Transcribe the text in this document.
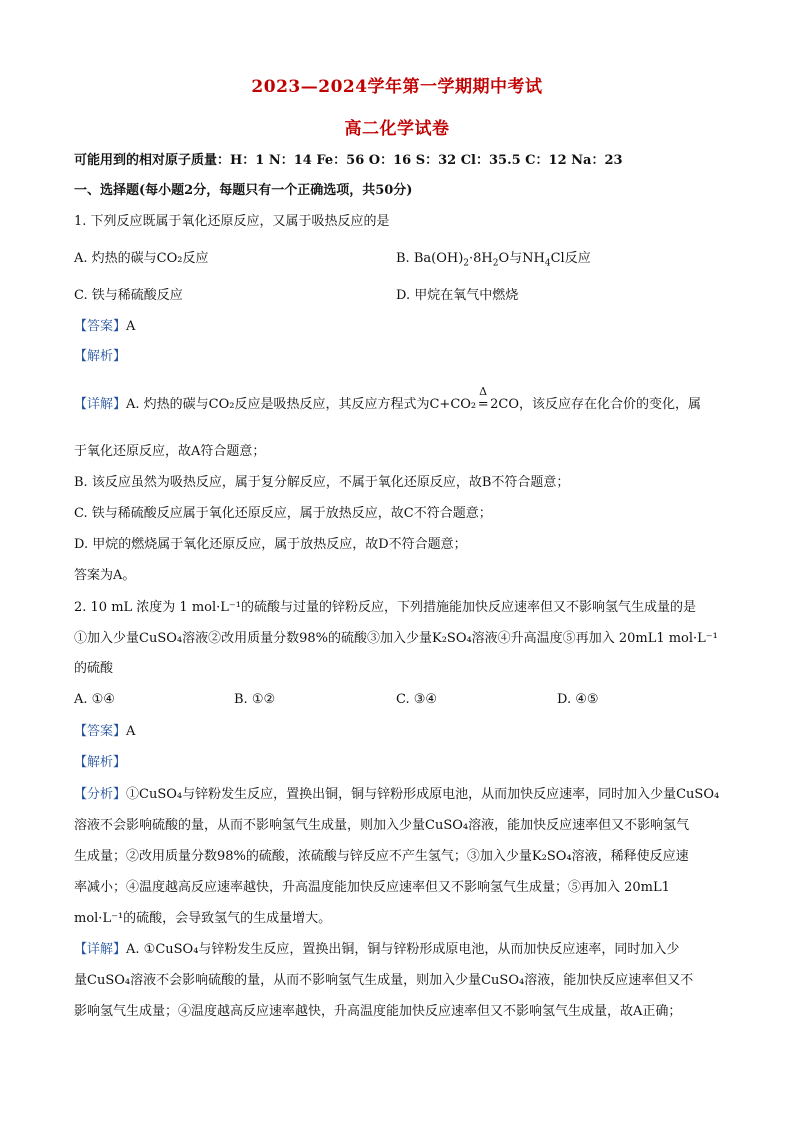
2023—2024学年第一学期期中考试
高二化学试卷
可能用到的相对原子质量：H：1 N：14 Fe：56 O：16 S：32 Cl：35.5 C：12 Na：23
一、选择题(每小题2分，每题只有一个正确选项，共50分)
1. 下列反应既属于氧化还原反应，又属于吸热反应的是
A. 灼热的碳与CO₂反应	B. $Ba(OH)_2\cdot 8H_2O$与$NH_4Cl$反应
C. 铁与稀硫酸反应	D. 甲烷在氧气中燃烧
【答案】A
【解析】
【详解】A. 灼热的碳与CO₂反应是吸热反应，其反应方程式为C+CO₂
Δ
= 2CO，该反应存在化合价的变化，属
于氧化还原反应，故A符合题意；
B. 该反应虽然为吸热反应，属于复分解反应，不属于氧化还原反应，故B不符合题意；
C. 铁与稀硫酸反应属于氧化还原反应，属于放热反应，故C不符合题意；
D. 甲烷的燃烧属于氧化还原反应，属于放热反应，故D不符合题意；
答案为A。
2. 10 mL 浓度为 1 mol·L⁻¹的硫酸与过量的锌粉反应，下列措施能加快反应速率但又不影响氢气生成量的是
①加入少量CuSO₄溶液②改用质量分数98%的硫酸③加入少量K₂SO₄溶液④升高温度⑤再加入 20mL1 mol·L⁻¹
的硫酸
A. ①④	B. ①②	C. ③④	D. ④⑤
【答案】A
【解析】
【分析】①CuSO₄与锌粉发生反应，置换出铜，铜与锌粉形成原电池，从而加快反应速率，同时加入少量CuSO₄
溶液不会影响硫酸的量，从而不影响氢气生成量，则加入少量CuSO₄溶液，能加快反应速率但又不影响氢气
生成量；②改用质量分数98%的硫酸，浓硫酸与锌反应不产生氢气；③加入少量K₂SO₄溶液，稀释使反应速
率减小；④温度越高反应速率越快，升高温度能加快反应速率但又不影响氢气生成量；⑤再加入 20mL1
mol·L⁻¹的硫酸，会导致氢气的生成量增大。
【详解】A. ①CuSO₄与锌粉发生反应，置换出铜，铜与锌粉形成原电池，从而加快反应速率，同时加入少
量CuSO₄溶液不会影响硫酸的量，从而不影响氢气生成量，则加入少量CuSO₄溶液，能加快反应速率但又不
影响氢气生成量；④温度越高反应速率越快，升高温度能加快反应速率但又不影响氢气生成量，故A正确；
